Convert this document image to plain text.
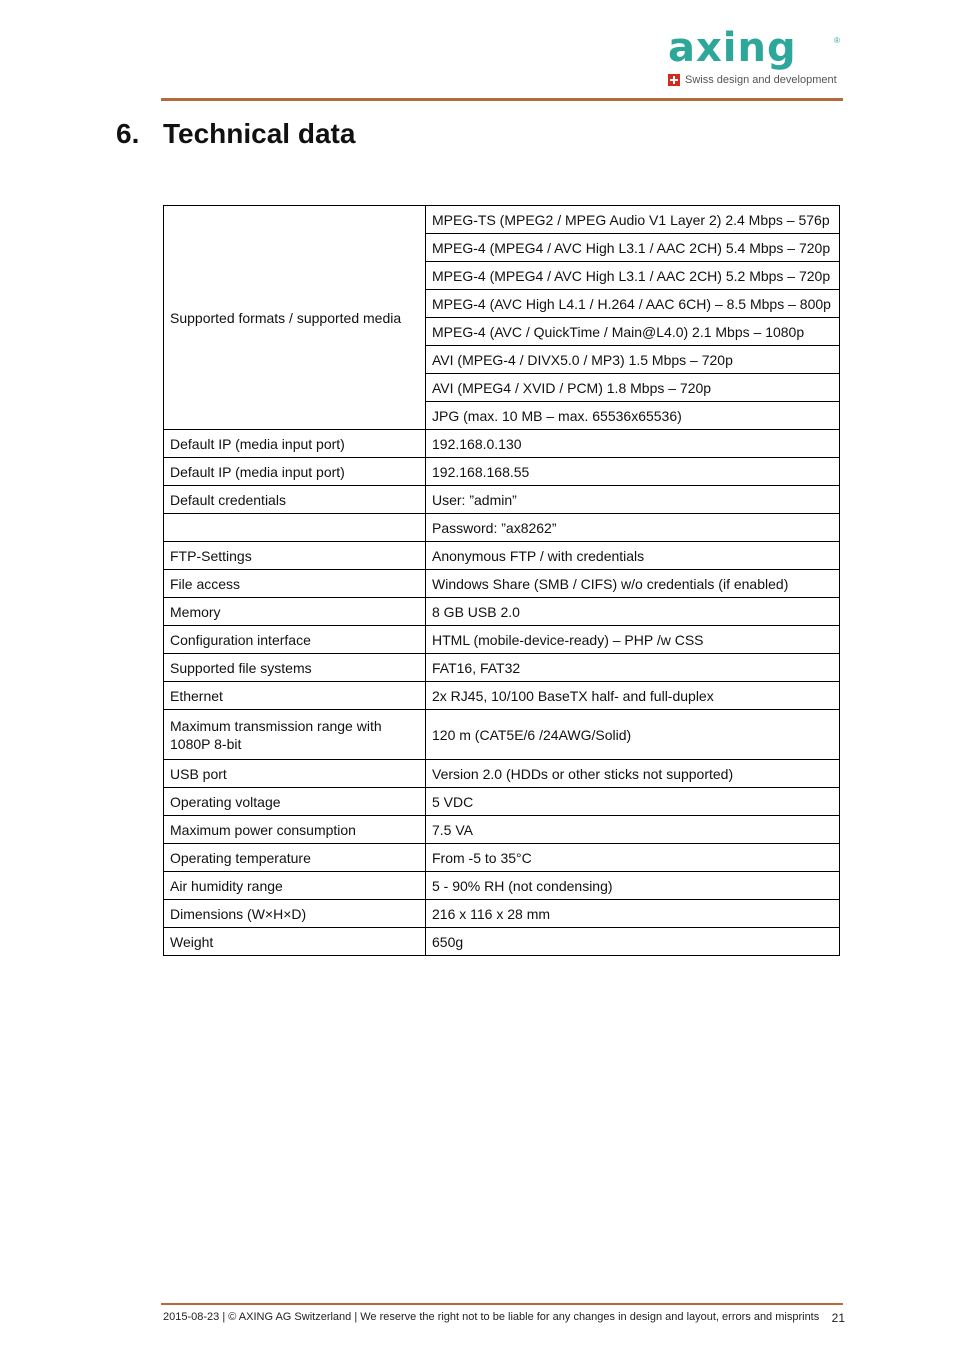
axing	®
Swiss design and development
6. Technical data
Supported formats / supported media	MPEG-TS (MPEG2 / MPEG Audio V1 Layer 2) 2.4 Mbps – 576p
	MPEG-4 (MPEG4 / AVC High L3.1 / AAC 2CH) 5.4 Mbps – 720p
	MPEG-4 (MPEG4 / AVC High L3.1 / AAC 2CH) 5.2 Mbps – 720p
	MPEG-4 (AVC High L4.1 / H.264 / AAC 6CH) – 8.5 Mbps – 800p
	MPEG-4 (AVC / QuickTime / Main@L4.0) 2.1 Mbps – 1080p
	AVI (MPEG-4 / DIVX5.0 / MP3) 1.5 Mbps – 720p
	AVI (MPEG4 / XVID / PCM) 1.8 Mbps – 720p
	JPG (max. 10 MB – max. 65536x65536)
Default IP (media input port)	192.168.0.130
Default IP (media input port)	192.168.168.55
Default credentials	User: ”admin”
	Password: ”ax8262”
FTP-Settings	Anonymous FTP / with credentials
File access	Windows Share (SMB / CIFS) w/o credentials (if enabled)
Memory	8 GB USB 2.0
Configuration interface	HTML (mobile-device-ready) – PHP /w CSS
Supported file systems	FAT16, FAT32
Ethernet	2x RJ45, 10/100 BaseTX half- and full-duplex
Maximum transmission range with 1080P 8-bit	120 m (CAT5E/6 /24AWG/Solid)
USB port	Version 2.0 (HDDs or other sticks not supported)
Operating voltage	5 VDC
Maximum power consumption	7.5 VA
Operating temperature	From -5 to 35°C
Air humidity range	5 - 90% RH (not condensing)
Dimensions (W×H×D)	216 x 116 x 28 mm
Weight	650g
2015-08-23 | © AXING AG Switzerland | We reserve the right not to be liable for any changes in design and layout, errors and misprints 21
